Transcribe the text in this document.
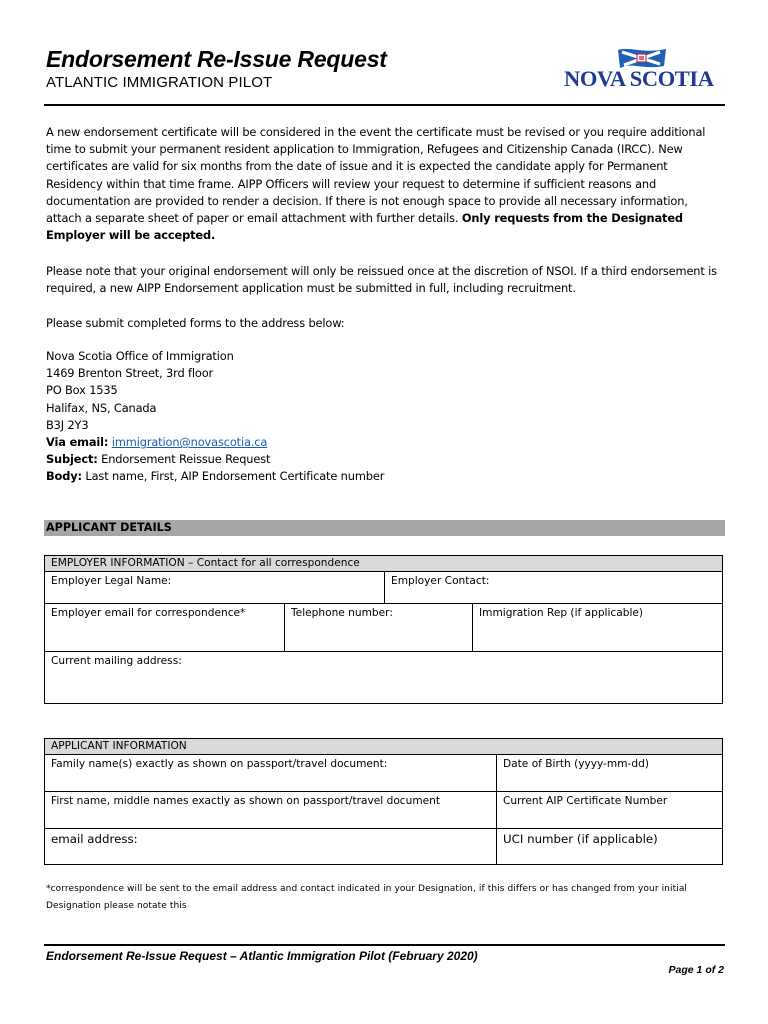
Endorsement Re-Issue Request
ATLANTIC IMMIGRATION PILOT	NOVA SCOTIA
A new endorsement certificate will be considered in the event the certificate must be revised or you require additional time to submit your permanent resident application to Immigration, Refugees and Citizenship Canada (IRCC). New certificates are valid for six months from the date of issue and it is expected the candidate apply for Permanent Residency within that time frame. AIPP Officers will review your request to determine if sufficient reasons and documentation are provided to render a decision. If there is not enough space to provide all necessary information, attach a separate sheet of paper or email attachment with further details. Only requests from the Designated Employer will be accepted.
Please note that your original endorsement will only be reissued once at the discretion of NSOI. If a third endorsement is required, a new AIPP Endorsement application must be submitted in full, including recruitment.
Please submit completed forms to the address below:
Nova Scotia Office of Immigration
1469 Brenton Street, 3rd floor
PO Box 1535
Halifax, NS, Canada
B3J 2Y3
Via email: immigration@novascotia.ca
Subject: Endorsement Reissue Request
Body: Last name, First, AIP Endorsement Certificate number
APPLICANT DETAILS
EMPLOYER INFORMATION – Contact for all correspondence			
Employer Legal Name:		Employer Contact:	
Employer email for correspondence*	Telephone number:		Immigration Rep (if applicable)
Current mailing address:			
APPLICANT INFORMATION	
Family name(s) exactly as shown on passport/travel document:	Date of Birth (yyyy-mm-dd)
First name, middle names exactly as shown on passport/travel document	Current AIP Certificate Number
email address:	UCI number (if applicable)
*correspondence will be sent to the email address and contact indicated in your Designation, if this differs or has changed from your initial Designation please notate this
Endorsement Re-Issue Request – Atlantic Immigration Pilot (February 2020)
Page 1 of 2
